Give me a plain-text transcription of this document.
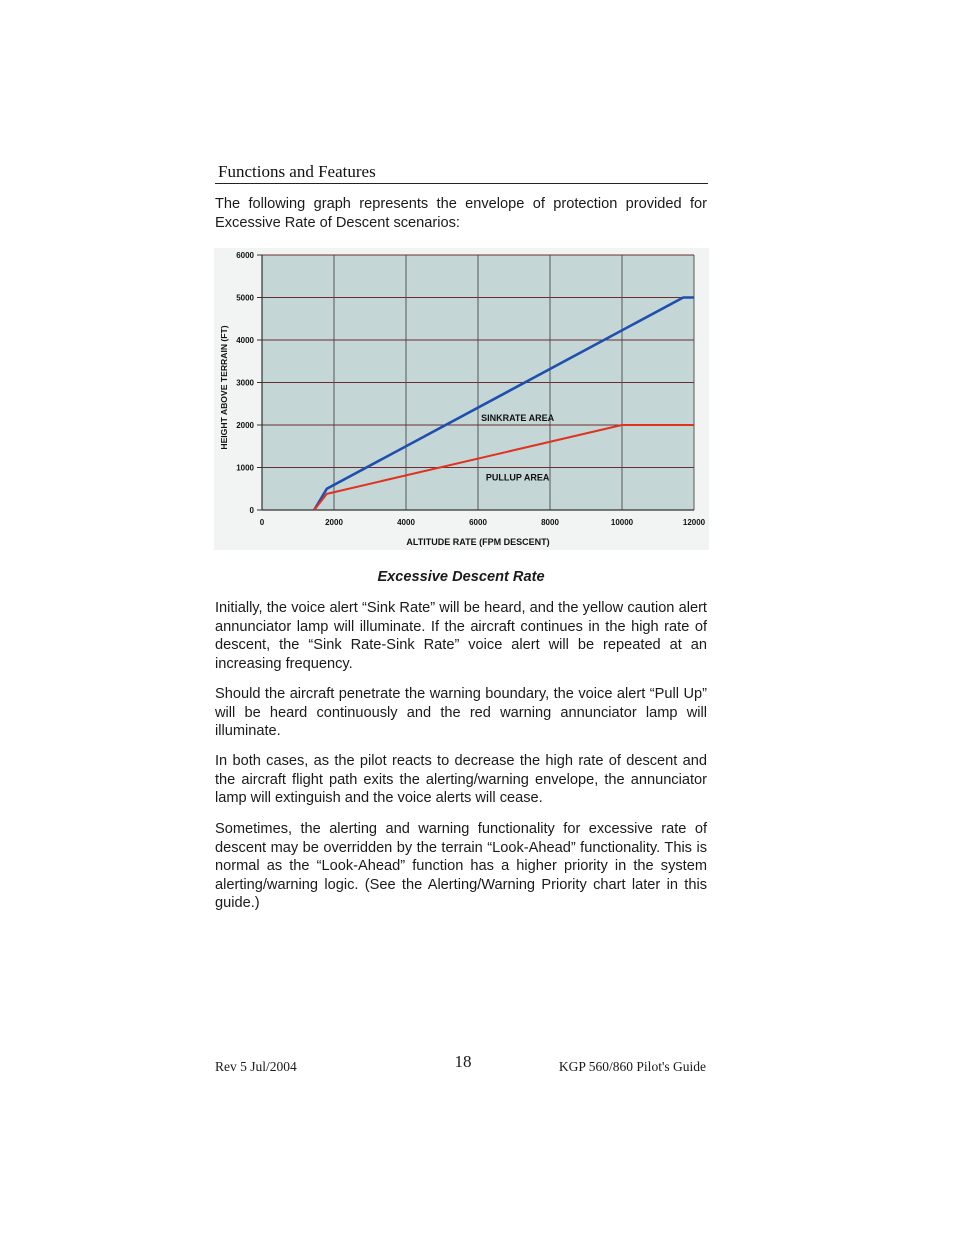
Functions and Features

The following graph represents the envelope of protection provided for Excessive Rate of Descent scenarios:

0
1000
2000
3000
4000
5000
6000
0	2000	4000	6000	8000	10000	12000
ALTITUDE RATE (FPM DESCENT)
HEIGHT ABOVE TERRAIN (FT)	SINKRATE AREA
PULLUP AREA
Excessive Descent Rate

Initially, the voice alert “Sink Rate” will be heard, and the yellow caution alert annunciator lamp will illuminate. If the aircraft continues in the high rate of descent, the “Sink Rate-Sink Rate” voice alert will be repeated at an increasing frequency.

Should the aircraft penetrate the warning boundary, the voice alert “Pull Up” will be heard continuously and the red warning annunciator lamp will illuminate.

In both cases, as the pilot reacts to decrease the high rate of descent and the aircraft flight path exits the alerting/warning envelope, the annunciator lamp will extinguish and the voice alerts will cease.

Sometimes, the alerting and warning functionality for excessive rate of descent may be overridden by the terrain “Look-Ahead” functionality. This is normal as the “Look-Ahead” function has a higher priority in the system alerting/warning logic. (See the Alerting/Warning Priority chart later in this guide.)

Rev 5 Jul/2004	18	KGP 560/860 Pilot's Guide
